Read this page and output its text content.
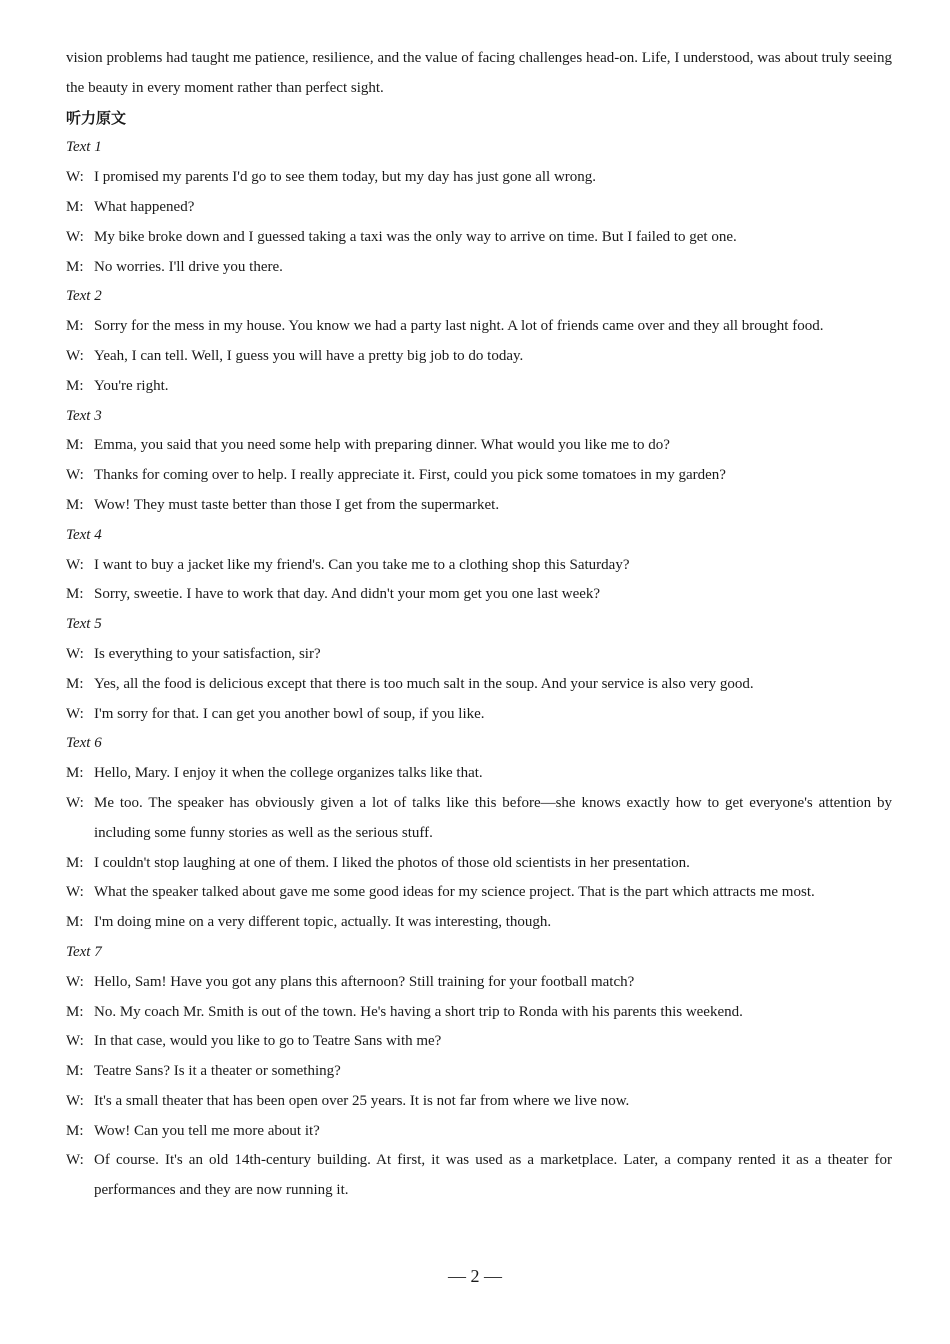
vision problems had taught me patience, resilience, and the value of facing challenges head-on. Life, I understood, was about truly seeing the beauty in every moment rather than perfect sight.

听力原文

Text 1

W: I promised my parents I'd go to see them today, but my day has just gone all wrong.

M: What happened?

W: My bike broke down and I guessed taking a taxi was the only way to arrive on time. But I failed to get one.

M: No worries. I'll drive you there.

Text 2

M: Sorry for the mess in my house. You know we had a party last night. A lot of friends came over and they all brought food.

W: Yeah, I can tell. Well, I guess you will have a pretty big job to do today.

M: You're right.

Text 3

M: Emma, you said that you need some help with preparing dinner. What would you like me to do?

W: Thanks for coming over to help. I really appreciate it. First, could you pick some tomatoes in my garden?

M: Wow! They must taste better than those I get from the supermarket.

Text 4

W: I want to buy a jacket like my friend's. Can you take me to a clothing shop this Saturday?

M: Sorry, sweetie. I have to work that day. And didn't your mom get you one last week?

Text 5

W: Is everything to your satisfaction, sir?

M: Yes, all the food is delicious except that there is too much salt in the soup. And your service is also very good.

W: I'm sorry for that. I can get you another bowl of soup, if you like.

Text 6

M: Hello, Mary. I enjoy it when the college organizes talks like that.

W: Me too. The speaker has obviously given a lot of talks like this before—she knows exactly how to get everyone's attention by including some funny stories as well as the serious stuff.

M: I couldn't stop laughing at one of them. I liked the photos of those old scientists in her presentation.

W: What the speaker talked about gave me some good ideas for my science project. That is the part which attracts me most.

M: I'm doing mine on a very different topic, actually. It was interesting, though.

Text 7

W: Hello, Sam! Have you got any plans this afternoon? Still training for your football match?

M: No. My coach Mr. Smith is out of the town. He's having a short trip to Ronda with his parents this weekend.

W: In that case, would you like to go to Teatre Sans with me?

M: Teatre Sans? Is it a theater or something?

W: It's a small theater that has been open over 25 years. It is not far from where we live now.

M: Wow! Can you tell me more about it?

W: Of course. It's an old 14th-century building. At first, it was used as a marketplace. Later, a company rented it as a theater for performances and they are now running it.

— 2 —
